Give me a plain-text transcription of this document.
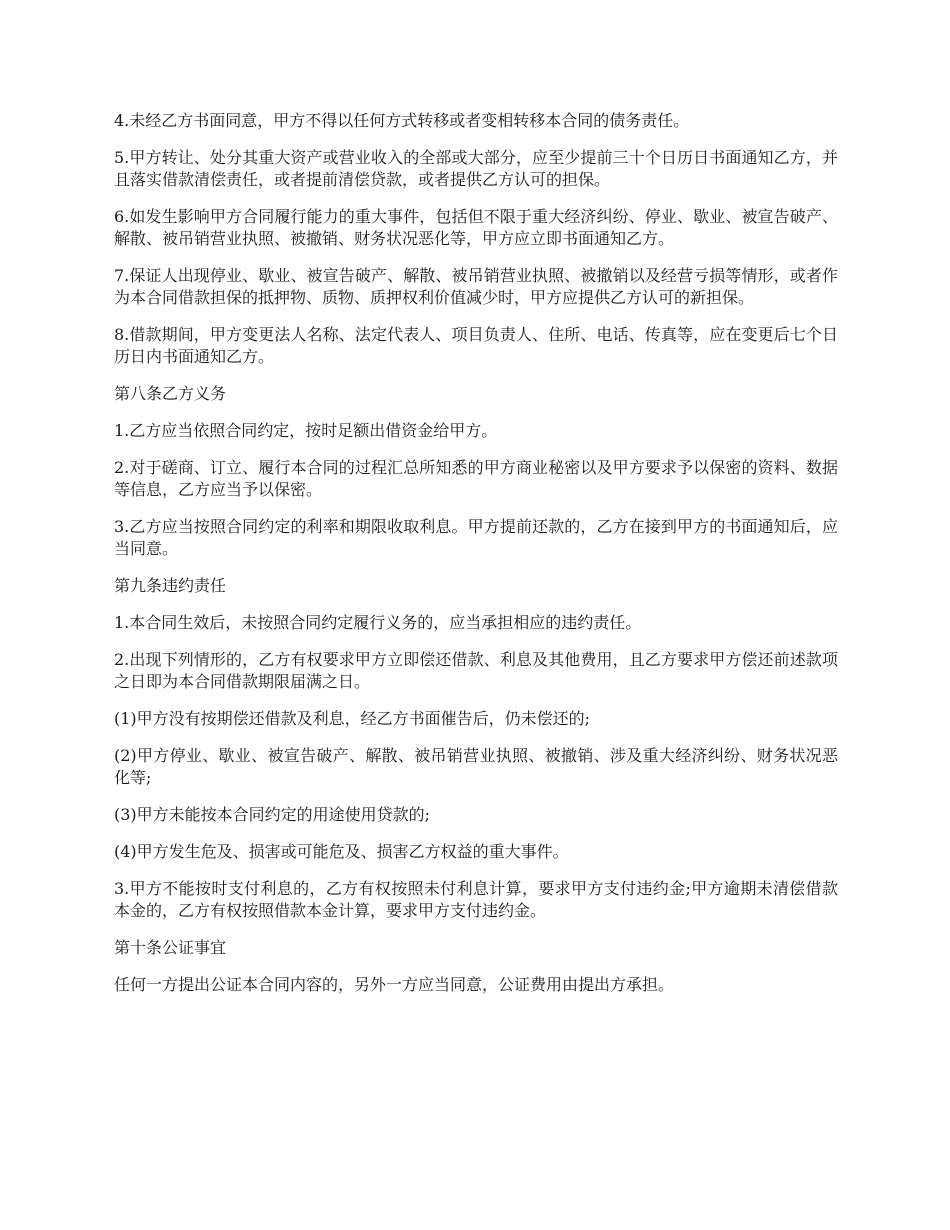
4.未经乙方书面同意，甲方不得以任何方式转移或者变相转移本合同的债务责任。

5.甲方转让、处分其重大资产或营业收入的全部或大部分，应至少提前三十个日历日书面通知乙方，并且落实借款清偿责任，或者提前清偿贷款，或者提供乙方认可的担保。

6.如发生影响甲方合同履行能力的重大事件，包括但不限于重大经济纠纷、停业、歇业、被宣告破产、解散、被吊销营业执照、被撤销、财务状况恶化等，甲方应立即书面通知乙方。

7.保证人出现停业、歇业、被宣告破产、解散、被吊销营业执照、被撤销以及经营亏损等情形，或者作为本合同借款担保的抵押物、质物、质押权利价值减少时，甲方应提供乙方认可的新担保。

8.借款期间，甲方变更法人名称、法定代表人、项目负责人、住所、电话、传真等，应在变更后七个日历日内书面通知乙方。

第八条乙方义务

1.乙方应当依照合同约定，按时足额出借资金给甲方。

2.对于磋商、订立、履行本合同的过程汇总所知悉的甲方商业秘密以及甲方要求予以保密的资料、数据等信息，乙方应当予以保密。

3.乙方应当按照合同约定的利率和期限收取利息。甲方提前还款的，乙方在接到甲方的书面通知后，应当同意。

第九条违约责任

1.本合同生效后，未按照合同约定履行义务的，应当承担相应的违约责任。

2.出现下列情形的，乙方有权要求甲方立即偿还借款、利息及其他费用，且乙方要求甲方偿还前述款项之日即为本合同借款期限届满之日。

(1)甲方没有按期偿还借款及利息，经乙方书面催告后，仍未偿还的;

(2)甲方停业、歇业、被宣告破产、解散、被吊销营业执照、被撤销、涉及重大经济纠纷、财务状况恶化等;

(3)甲方未能按本合同约定的用途使用贷款的;

(4)甲方发生危及、损害或可能危及、损害乙方权益的重大事件。

3.甲方不能按时支付利息的，乙方有权按照未付利息计算，要求甲方支付违约金;甲方逾期未清偿借款本金的，乙方有权按照借款本金计算，要求甲方支付违约金。

第十条公证事宜

任何一方提出公证本合同内容的，另外一方应当同意，公证费用由提出方承担。
